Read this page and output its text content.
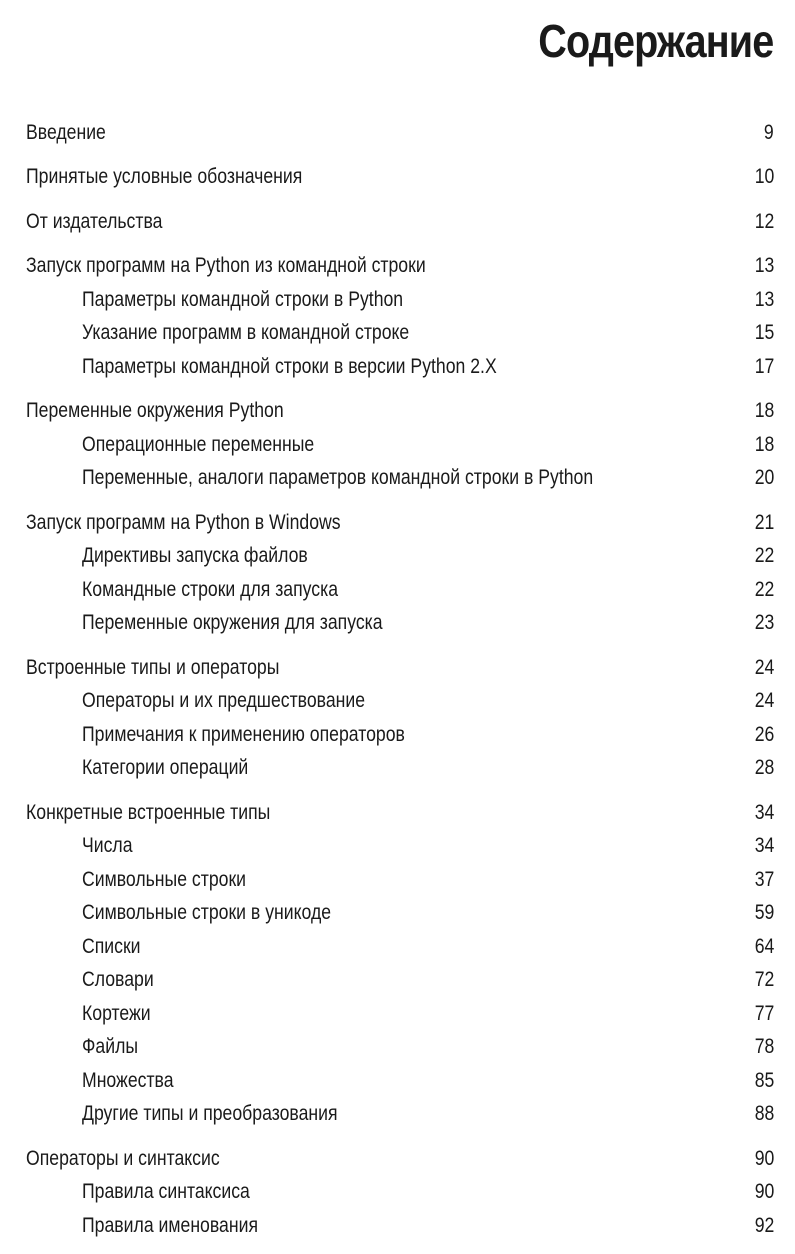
Содержание
Введение	9
Принятые условные обозначения	10
От издательства	12
Запуск программ на Python из командной строки	13
Параметры командной строки в Python	13
Указание программ в командной строке	15
Параметры командной строки в версии Python 2.X	17
Переменные окружения Python	18
Операционные переменные	18
Переменные, аналоги параметров командной строки в Python	20
Запуск программ на Python в Windows	21
Директивы запуска файлов	22
Командные строки для запуска	22
Переменные окружения для запуска	23
Встроенные типы и операторы	24
Операторы и их предшествование	24
Примечания к применению операторов	26
Категории операций	28
Конкретные встроенные типы	34
Числа	34
Символьные строки	37
Символьные строки в уникоде	59
Списки	64
Словари	72
Кортежи	77
Файлы	78
Множества	85
Другие типы и преобразования	88
Операторы и синтаксис	90
Правила синтаксиса	90
Правила именования	92
